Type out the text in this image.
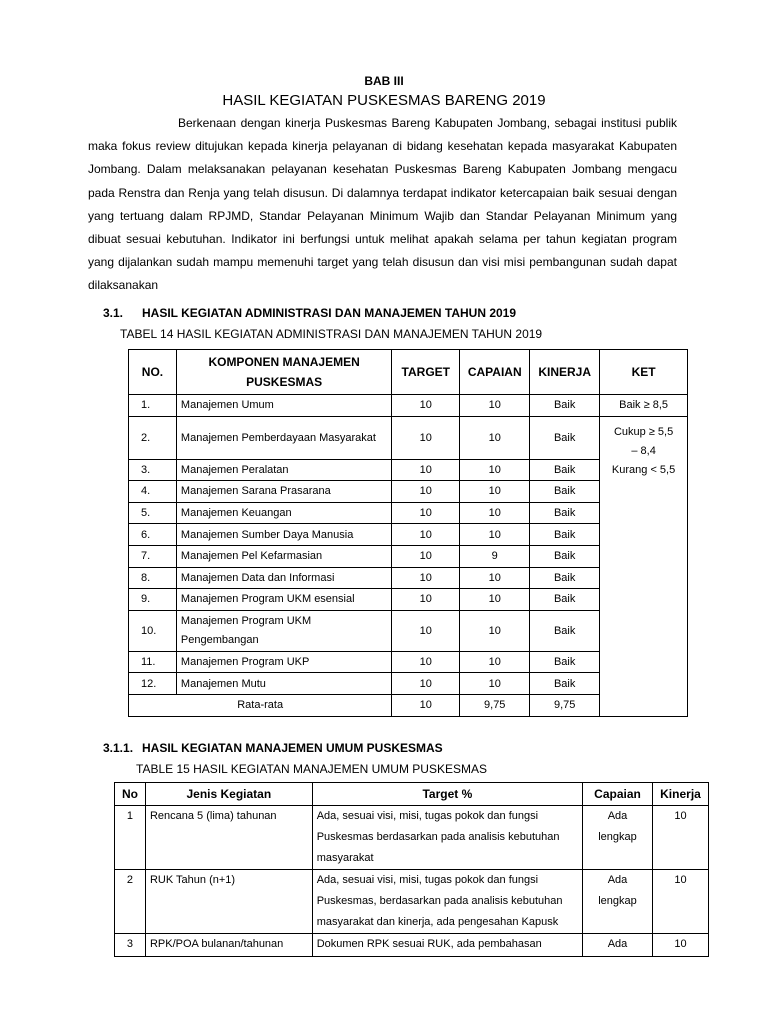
BAB III
HASIL KEGIATAN PUSKESMAS BARENG 2019
Berkenaan dengan kinerja Puskesmas Bareng Kabupaten Jombang, sebagai institusi publik maka fokus review ditujukan kepada kinerja pelayanan di bidang kesehatan kepada masyarakat Kabupaten Jombang. Dalam melaksanakan pelayanan kesehatan Puskesmas Bareng Kabupaten Jombang mengacu pada Renstra dan Renja yang telah disusun. Di dalamnya terdapat indikator ketercapaian baik sesuai dengan yang tertuang dalam RPJMD, Standar Pelayanan Minimum Wajib dan Standar Pelayanan Minimum yang dibuat sesuai kebutuhan. Indikator ini berfungsi untuk melihat apakah selama per tahun kegiatan program yang dijalankan sudah mampu memenuhi target yang telah disusun dan visi misi pembangunan sudah dapat dilaksanakan
3.1. HASIL KEGIATAN ADMINISTRASI DAN MANAJEMEN TAHUN 2019
TABEL 14 HASIL KEGIATAN ADMINISTRASI DAN MANAJEMEN TAHUN 2019
NO.	KOMPONEN MANAJEMEN PUSKESMAS	TARGET	CAPAIAN	KINERJA	KET
1.	Manajemen Umum	10	10	Baik	Baik ≥ 8,5
2.	Manajemen Pemberdayaan Masyarakat	10	10	Baik	Cukup ≥ 5,5
– 8,4
Kurang < 5,5

3.	Manajemen Peralatan	10	10	Baik	
4.	Manajemen Sarana Prasarana	10	10	Baik	
5.	Manajemen Keuangan	10	10	Baik	
6.	Manajemen Sumber Daya Manusia	10	10	Baik	
7.	Manajemen Pel Kefarmasian	10	9	Baik	
8.	Manajemen Data dan Informasi	10	10	Baik	
9.	Manajemen Program UKM esensial	10	10	Baik	
10.	Manajemen Program UKM Pengembangan	10	10	Baik	
11.	Manajemen Program UKP	10	10	Baik	
12.	Manajemen Mutu	10	10	Baik	
Rata-rata		10	9,75	9,75	
3.1.1. HASIL KEGIATAN MANAJEMEN UMUM PUSKESMAS
TABLE 15 HASIL KEGIATAN MANAJEMEN UMUM PUSKESMAS
No	Jenis Kegiatan	Target %	Capaian	Kinerja
1	Rencana 5 (lima) tahunan	Ada, sesuai visi, misi, tugas pokok dan fungsi Puskesmas berdasarkan pada analisis kebutuhan masyarakat	Ada lengkap	10
2	RUK Tahun (n+1)	Ada, sesuai visi, misi, tugas pokok dan fungsi Puskesmas, berdasarkan pada analisis kebutuhan masyarakat dan kinerja, ada pengesahan Kapusk	Ada lengkap	10
3	RPK/POA bulanan/tahunan	Dokumen RPK sesuai RUK, ada pembahasan	Ada	10
